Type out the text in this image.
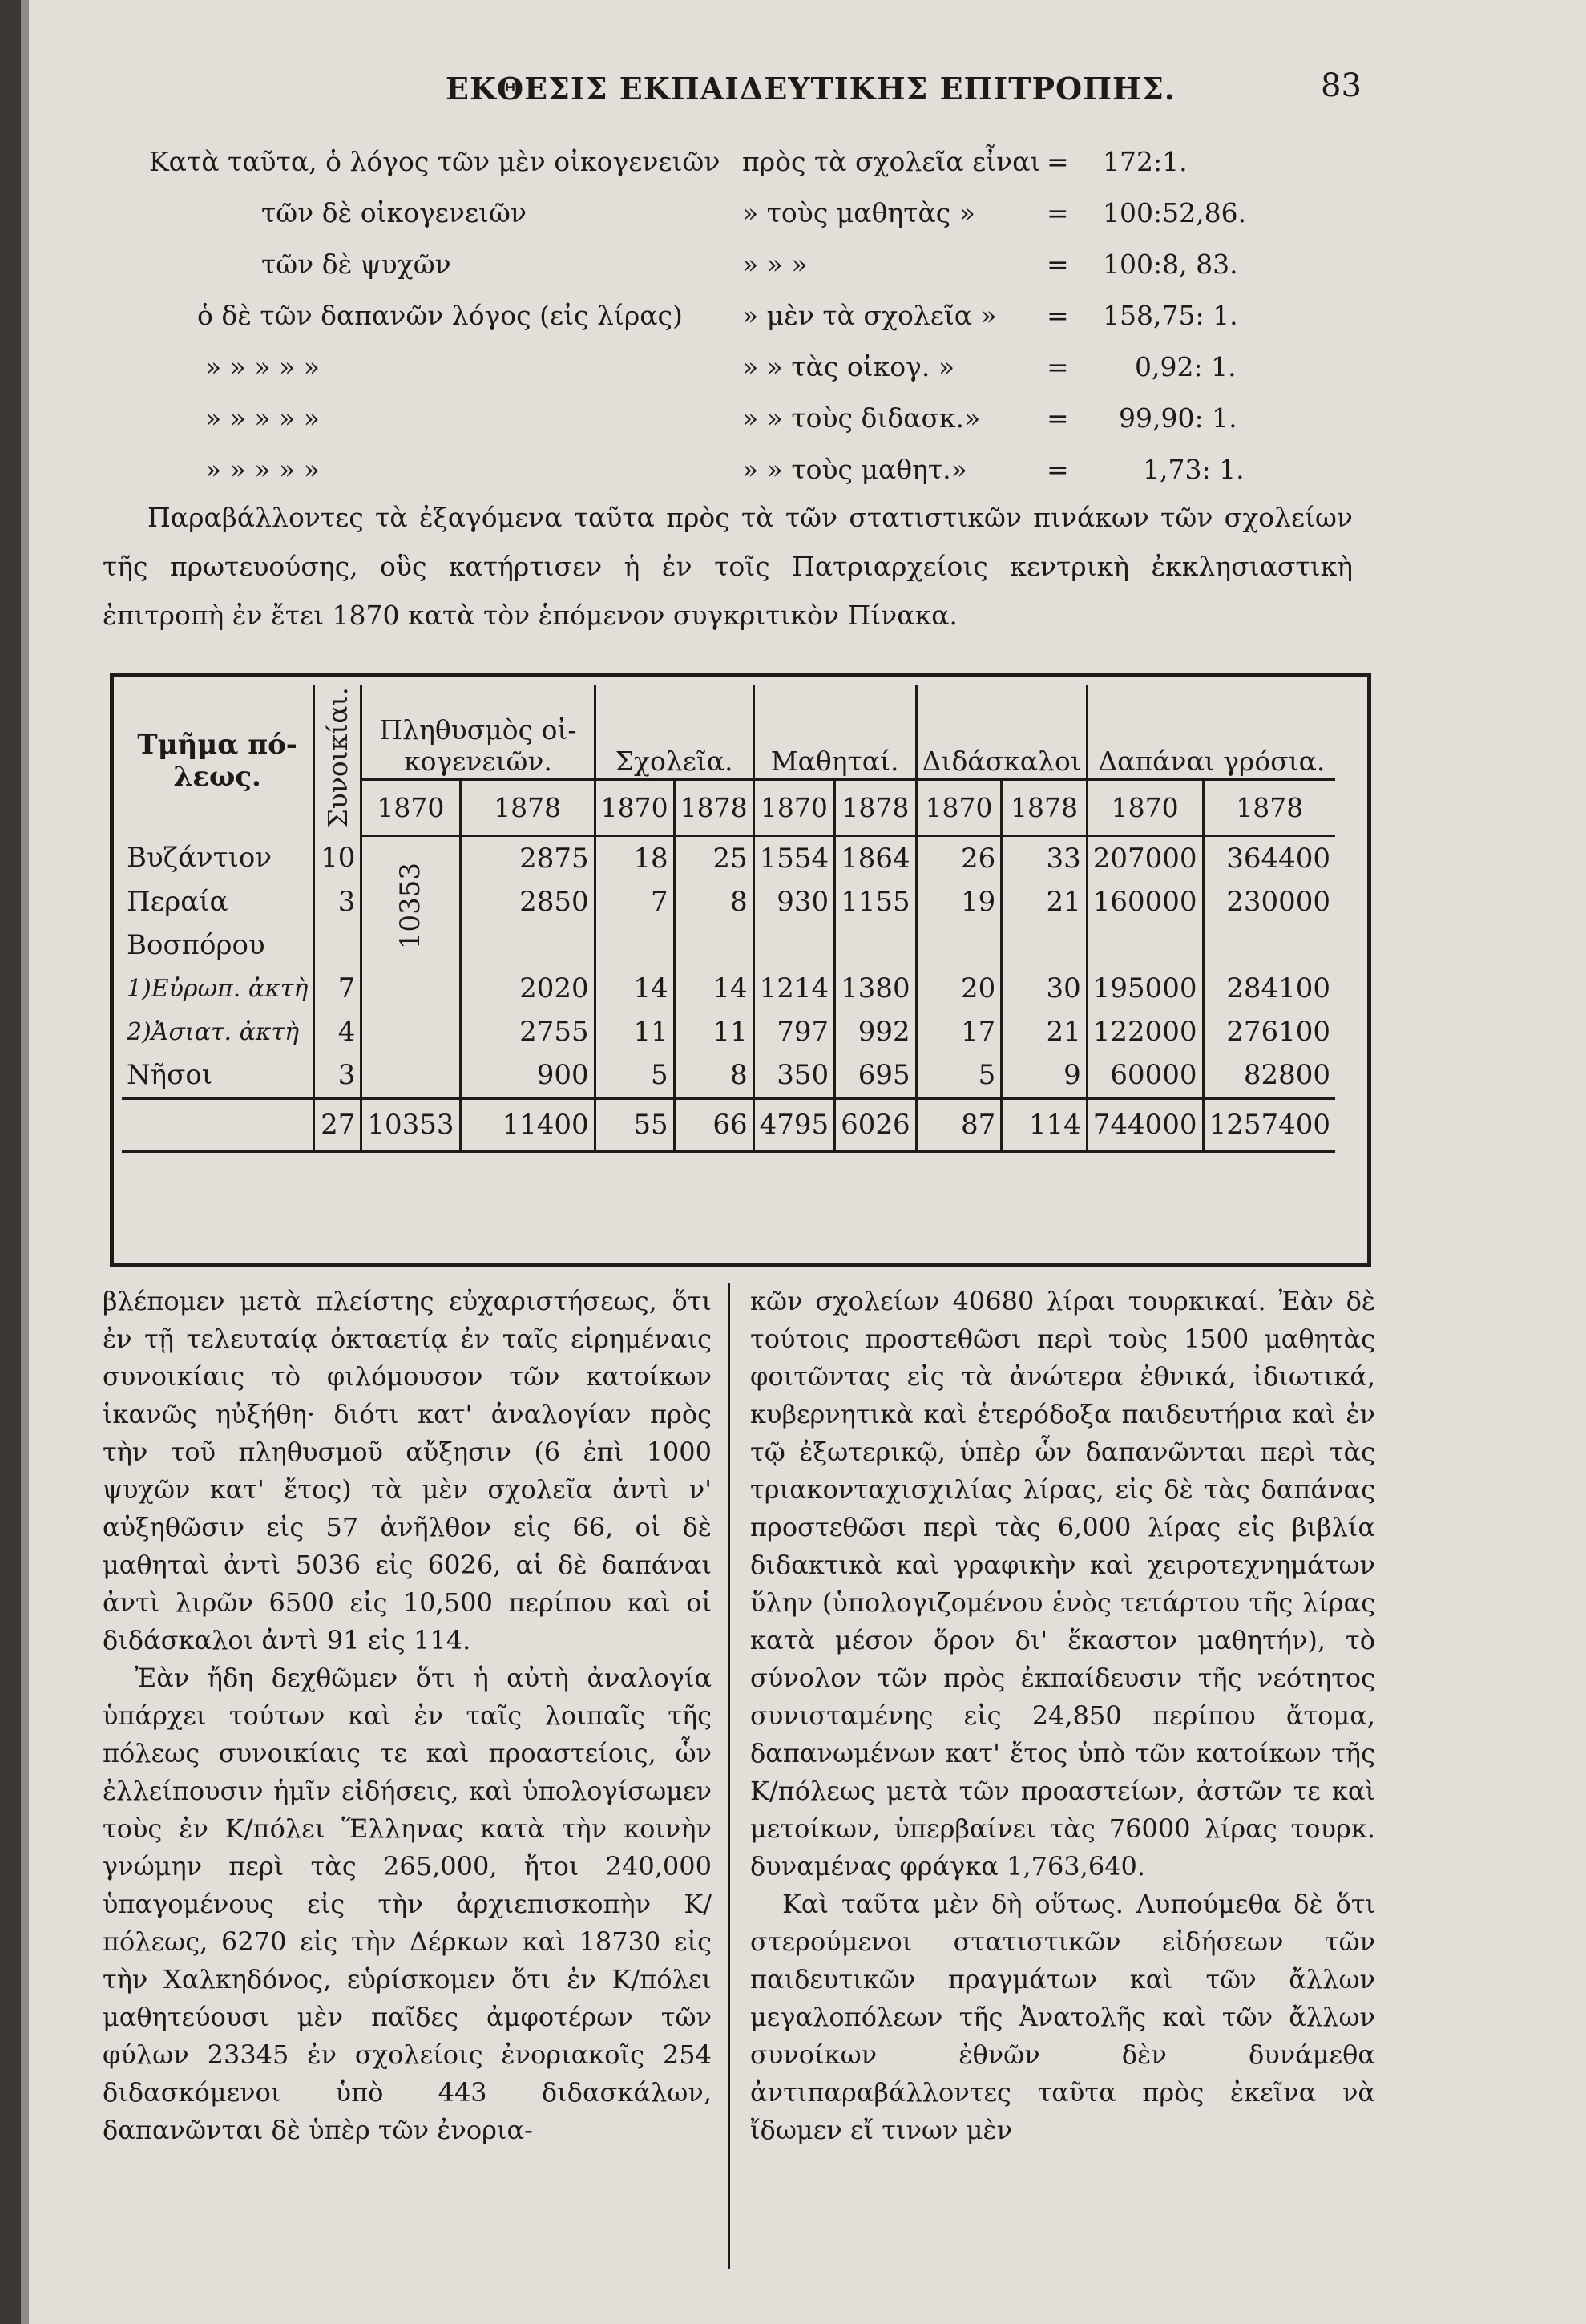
ΕΚΘΕΣΙΣ ΕΚΠΑΙΔΕΥΤΙΚΗΣ ΕΠΙΤΡΟΠΗΣ.	83
Κατὰ ταῦτα, ὁ λόγος τῶν μὲν οἰκογενειῶν πρὸς τὰ σχολεῖα εἶναι = 172:1.
τῶν δὲ οἰκογενειῶν	» τοὺς μαθητὰς »	= 100:52,86.
τῶν δὲ ψυχῶν	» » »	= 100:8, 83.
ὁ δὲ τῶν δαπανῶν λόγος (εἰς λίρας) » μὲν τὰ σχολεῖα » = 158,75: 1.
» » » » »	» » τὰς οἰκογ. »	= 0,92: 1.
» » » » »	» » τοὺς διδασκ.»	= 99,90: 1.
» » » » »	» » τοὺς μαθητ.»	=	1,73: 1.
Παραβάλλοντες τὰ ἐξαγόμενα ταῦτα πρὸς τὰ τῶν στατιστικῶν πινάκων τῶν σχολείων τῆς πρωτευούσης, οὓς κατήρτισεν ἡ ἐν τοῖς Πατριαρχείοις κεντρικὴ ἐκκλησιαστικὴ ἐπιτροπὴ ἐν ἔτει 1870 κατὰ τὸν ἑπόμενον συγκριτικὸν Πίνακα.
Τμῆμα πό-λεως.	Συνοικίαι.	Πληθυσμὸς οἰ-κογενειῶν.		Σχολεῖα.		Μαθηταί.		Διδάσκαλοι		Δαπάναι γρόσια.	
		1870	1878	1870	1878	1870	1878	1870	1878	1870	1878
Βυζάντιον	10	10353	2875	18	25	1554	1864	26	33	207000	364400
Περαία	3		2850	7	8	930	1155	19	21	160000	230000
Βοσπόρου											
1)Εὐρωπ. ἀκτὴ	7		2020	14	14	1214	1380	20	30	195000	284100
2)Ἀσιατ. ἀκτὴ	4		2755	11	11	797	992	17	21	122000	276100
Νῆσοι	3		900	5	8	350	695	5	9	60000	82800
	27	10353	11400	55	66	4795	6026	87	114	744000	1257400

βλέπομεν μετὰ πλείστης εὐχαριστήσεως, ὅτι ἐν τῇ τελευταίᾳ ὀκταετίᾳ ἐν ταῖς εἰρημέναις συνοικίαις τὸ φιλόμουσον τῶν κατοίκων ἱκανῶς ηὐξήθη· διότι κατ' ἀναλογίαν πρὸς τὴν τοῦ πληθυσμοῦ αὔξησιν (6 ἐπὶ 1000 ψυχῶν κατ' ἔτος) τὰ μὲν σχολεῖα ἀντὶ ν' αὐξηθῶσιν εἰς 57 ἀνῆλθον εἰς 66, οἱ δὲ μαθηταὶ ἀντὶ 5036 εἰς 6026, αἱ δὲ δαπάναι ἀντὶ λιρῶν 6500 εἰς 10,500 περίπου καὶ οἱ διδάσκαλοι ἀντὶ 91 εἰς 114.

Ἐὰν ἤδη δεχθῶμεν ὅτι ἡ αὐτὴ ἀναλογία ὑπάρχει τούτων καὶ ἐν ταῖς λοιπαῖς τῆς πόλεως συνοικίαις τε καὶ προαστείοις, ὧν ἐλλείπουσιν ἡμῖν εἰδήσεις, καὶ ὑπολογίσωμεν τοὺς ἐν Κ/πόλει Ἕλληνας κατὰ τὴν κοινὴν γνώμην περὶ τὰς 265,000, ἤτοι 240,000 ὑπαγομένους εἰς τὴν ἀρχιεπισκοπὴν Κ/πόλεως, 6270 εἰς τὴν Δέρκων καὶ 18730 εἰς τὴν Χαλκηδόνος, εὑρίσκομεν ὅτι ἐν Κ/πόλει μαθητεύουσι μὲν παῖδες ἀμφοτέρων τῶν φύλων 23345 ἐν σχολείοις ἐνοριακοῖς 254 διδασκόμενοι ὑπὸ 443 διδασκάλων, δαπανῶνται δὲ ὑπὲρ τῶν ἐνορια-

κῶν σχολείων 40680 λίραι τουρκικαί. Ἐὰν δὲ τούτοις προστεθῶσι περὶ τοὺς 1500 μαθητὰς φοιτῶντας εἰς τὰ ἀνώτερα ἐθνικά, ἰδιωτικά, κυβερνητικὰ καὶ ἑτερόδοξα παιδευτήρια καὶ ἐν τῷ ἐξωτερικῷ, ὑπὲρ ὧν δαπανῶνται περὶ τὰς τριακονταχισχιλίας λίρας, εἰς δὲ τὰς δαπάνας προστεθῶσι περὶ τὰς 6,000 λίρας εἰς βιβλία διδακτικὰ καὶ γραφικὴν καὶ χειροτεχνημάτων ὕλην (ὑπολογιζομένου ἑνὸς τετάρτου τῆς λίρας κατὰ μέσον ὅρον δι' ἕκαστον μαθητήν), τὸ σύνολον τῶν πρὸς ἐκπαίδευσιν τῆς νεότητος συνισταμένης εἰς 24,850 περίπου ἄτομα, δαπανωμένων κατ' ἔτος ὑπὸ τῶν κατοίκων τῆς Κ/πόλεως μετὰ τῶν προαστείων, ἀστῶν τε καὶ μετοίκων, ὑπερβαίνει τὰς 76000 λίρας τουρκ. δυναμένας φράγκα 1,763,640.

Καὶ ταῦτα μὲν δὴ οὕτως. Λυπούμεθα δὲ ὅτι στερούμενοι στατιστικῶν εἰδήσεων τῶν παιδευτικῶν πραγμάτων καὶ τῶν ἄλλων μεγαλοπόλεων τῆς Ἀνατολῆς καὶ τῶν ἄλλων συνοίκων ἐθνῶν δὲν δυνάμεθα ἀντιπαραβάλλοντες ταῦτα πρὸς ἐκεῖνα νὰ ἴδωμεν εἴ τινων μὲν
